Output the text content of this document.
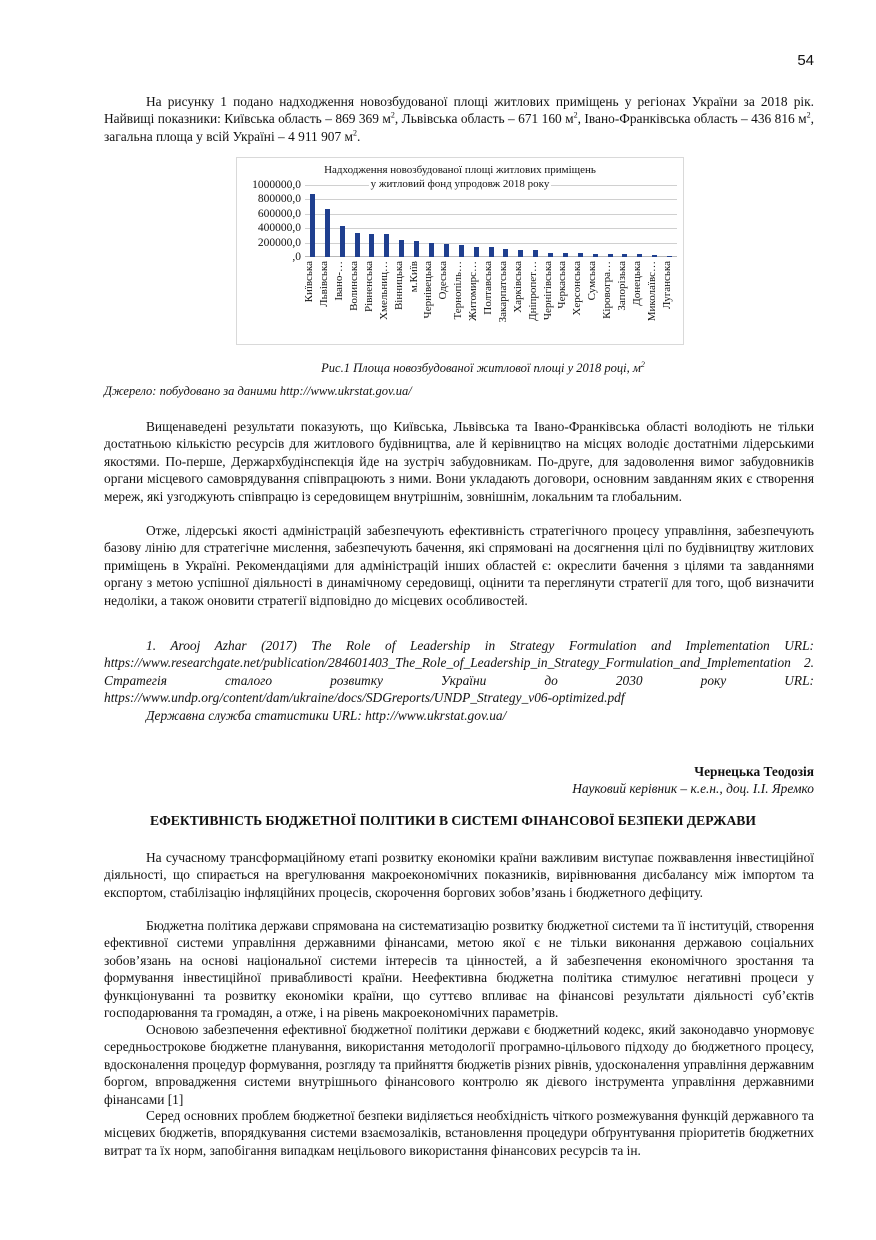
54

На рисунку 1 подано надходження новозбудованої площі житлових приміщень у регіонах України за 2018 рік. Найвищі показники: Київська область – 869 369 $м^2$, Львівська область – 671 160 $м^2$, Івано-Франківська область – 436 816 $м^2$, загальна площа у всій Україні – 4 911 907 $м^2$.

Надходження новозбудованої площі житлових приміщень
у житловий фонд упродовж 2018 року
1000000,0
800000,0
600000,0
400000,0
200000,0
,0
Київська Львівська Івано-… Волинська Рівненська Хмельниц… Вінницька м.Київ Чернівецька Одеська Тернопіль… Житомирс… Полтавська Закарпатська Харківська Дніпропет… Чернігівська Черкаська Херсонська Сумська Кіровогра… Запорізька Донецька Миколаївс… Луганська
Рис.1 Площа новозбудованої житлової площі у 2018 році, $м^2$
Джерело: побудовано за даними http://www.ukrstat.gov.ua/

Вищенаведені результати показують, що Київська, Львівська та Івано-Франківська області володіють не тільки достатньою кількістю ресурсів для житлового будівництва, але й керівництво на місцях володіє достатніми лідерськими якостями. По-перше, Держархбудінспекція йде на зустріч забудовникам. По-друге, для задоволення вимог забудовників органи місцевого самоврядування співпрацюють з ними. Вони укладають договори, основним завданням яких є створення мереж, які узгоджують співпрацю із середовищем внутрішнім, зовнішнім, локальним та глобальним.

Отже, лідерські якості адміністрацій забезпечують ефективність стратегічного процесу управління, забезпечують базову лінію для стратегічне мислення, забезпечують бачення, які спрямовані на досягнення цілі по будівництву житлових приміщень в Україні. Рекомендаціями для адміністрацій інших областей є: окреслити бачення з цілями та завданнями органу з метою успішної діяльності в динамічному середовищі, оцінити та переглянути стратегії для того, щоб визначити недоліки, а також оновити стратегії відповідно до місцевих особливостей.

1. Arooj Azhar (2017) The Role of Leadership in Strategy Formulation and Implementation URL: https://www.researchgate.net/publication/284601403_The_Role_of_Leadership_in_Strategy_Formulation_and_Implementation 2. Стратегія сталого розвитку України до 2030 року URL: https://www.undp.org/content/dam/ukraine/docs/SDGreports/UNDP_Strategy_v06-optimized.pdf

Державна служба статистики URL: http://www.ukrstat.gov.ua/

Чернецька Теодозія
Науковий керівник – к.е.н., доц. І.І. Яремко
ЕФЕКТИВНІСТЬ БЮДЖЕТНОЇ ПОЛІТИКИ В СИСТЕМІ ФІНАНСОВОЇ БЕЗПЕКИ ДЕРЖАВИ

На сучасному трансформаційному етапі розвитку економіки країни важливим виступає пожвавлення інвестиційної діяльності, що спирається на врегулювання макроекономічних показників, вирівнювання дисбалансу між імпортом та експортом, стабілізацію інфляційних процесів, скорочення боргових зобов’язань і бюджетного дефіциту.

Бюджетна політика держави спрямована на систематизацію розвитку бюджетної системи та її інституцій, створення ефективної системи управління державними фінансами, метою якої є не тільки виконання державою соціальних зобов’язань на основі національної системи інтересів та цінностей, а й забезпечення економічного зростання та формування інвестиційної привабливості країни. Неефективна бюджетна політика стимулює негативні процеси у функціонуванні та розвитку економіки країни, що суттєво впливає на фінансові результати діяльності суб’єктів господарювання та громадян, а отже, і на рівень макроекономічних параметрів.

Основою забезпечення ефективної бюджетної політики держави є бюджетний кодекс, який законодавчо унормовує середньострокове бюджетне планування, використання методології програмно-цільового підходу до бюджетного процесу, вдосконалення процедур формування, розгляду та прийняття бюджетів різних рівнів, удосконалення управління державним боргом, впровадження системи внутрішнього фінансового контролю як дієвого інструмента управління державними фінансами [1]

Серед основних проблем бюджетної безпеки виділяється необхідність чіткого розмежування функцій державного та місцевих бюджетів, впорядкування системи взаємозаліків, встановлення процедури обґрунтування пріоритетів бюджетних витрат та їх норм, запобігання випадкам нецільового використання фінансових ресурсів та ін.
